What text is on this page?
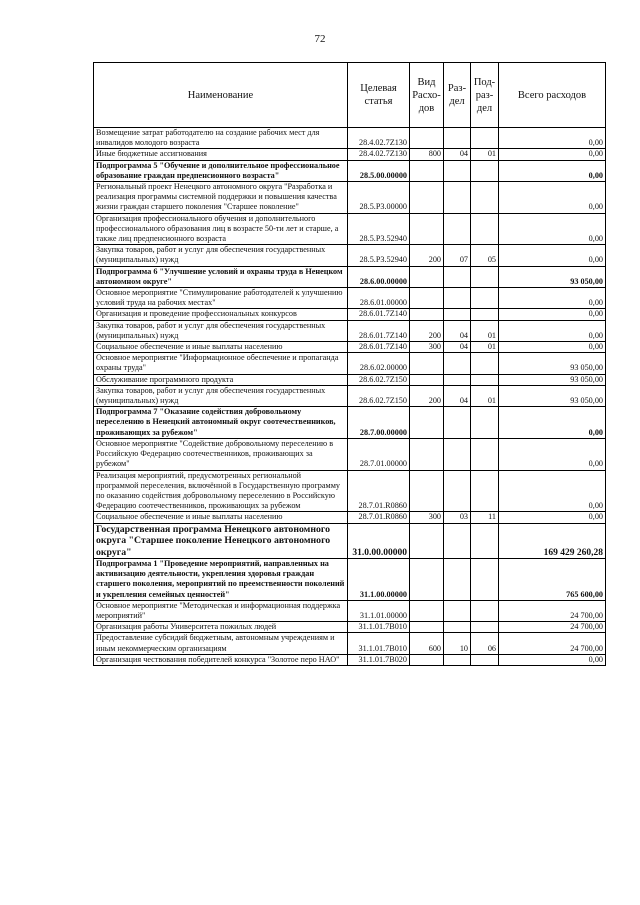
72
Наименование	Целевая статья	Вид Расхо-дов	Раз-дел	Под-раз-дел	Всего расходов
Возмещение затрат работодателю на создание рабочих мест для инвалидов молодого возраста	28.4.02.7Z130				0,00
Иные бюджетные ассигнования	28.4.02.7Z130	800	04	01	0,00
Подпрограмма 5 "Обучение и дополнительное профессиональное образование граждан предпенсионного возраста"	28.5.00.00000				0,00
Региональный проект Ненецкого автономного округа "Разработка и реализация программы системной поддержки и повышения качества жизни граждан старшего поколения "Старшее поколение"	28.5.P3.00000				0,00
Организация профессионального обучения и дополнительного профессионального образования лиц в возрасте 50-ти лет и старше, а также лиц предпенсионного возраста	28.5.P3.52940				0,00
Закупка товаров, работ и услуг для обеспечения государственных (муниципальных) нужд	28.5.P3.52940	200	07	05	0,00
Подпрограмма 6 "Улучшение условий и охраны труда в Ненецком автономном округе"	28.6.00.00000				93 050,00
Основное мероприятие "Стимулирование работодателей к улучшению условий труда на рабочих местах"	28.6.01.00000				0,00
Организация и проведение профессиональных конкурсов	28.6.01.7Z140				0,00
Закупка товаров, работ и услуг для обеспечения государственных (муниципальных) нужд	28.6.01.7Z140	200	04	01	0,00
Социальное обеспечение и иные выплаты населению	28.6.01.7Z140	300	04	01	0,00
Основное мероприятие "Информационное обеспечение и пропаганда охраны труда"	28.6.02.00000				93 050,00
Обслуживание программного продукта	28.6.02.7Z150				93 050,00
Закупка товаров, работ и услуг для обеспечения государственных (муниципальных) нужд	28.6.02.7Z150	200	04	01	93 050,00
Подпрограмма 7 "Оказание содействия добровольному переселению в Ненецкий автономный округ соотечественников, проживающих за рубежом"	28.7.00.00000				0,00
Основное мероприятие "Содействие добровольному переселению в Российскую Федерацию соотечественников, проживающих за рубежом"	28.7.01.00000				0,00
Реализация мероприятий, предусмотренных региональной программой переселения, включённой в Государственную программу по оказанию содействия добровольному переселению в Российскую Федерацию соотечественников, проживающих за рубежом	28.7.01.R0860				0,00
Социальное обеспечение и иные выплаты населению	28.7.01.R0860	300	03	11	0,00
Государственная программа Ненецкого автономного округа "Старшее поколение Ненецкого автономного округа"	31.0.00.00000				169 429 260,28
Подпрограмма 1 "Проведение мероприятий, направленных на активизацию деятельности, укрепления здоровья граждан старшего поколения, мероприятий по преемственности поколений и укрепления семейных ценностей"	31.1.00.00000				765 600,00
Основное мероприятие "Методическая и информационная поддержка мероприятий"	31.1.01.00000				24 700,00
Организация работы Университета пожилых людей	31.1.01.7B010				24 700,00
Предоставление субсидий бюджетным, автономным учреждениям и иным некоммерческим организациям	31.1.01.7B010	600	10	06	24 700,00
Организация чествования победителей конкурса "Золотое перо НАО"	31.1.01.7B020				0,00
